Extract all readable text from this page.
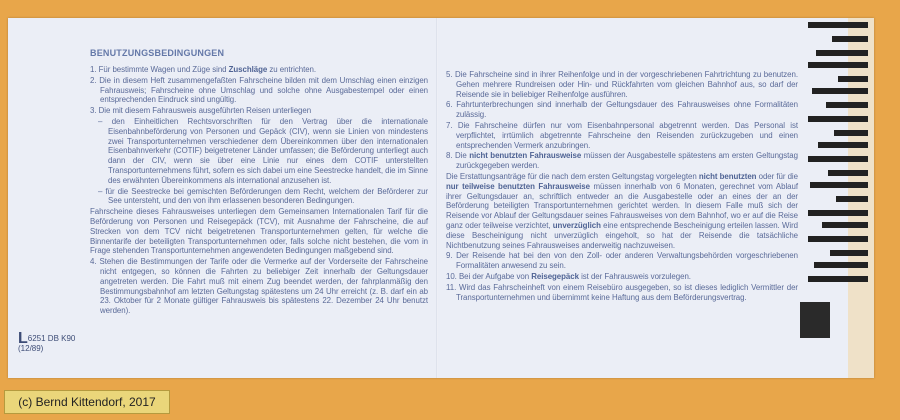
BENUTZUNGSBEDINGUNGEN

1. Für bestimmte Wagen und Züge sind Zuschläge zu entrichten.

2. Die in diesem Heft zusammengefaßten Fahrscheine bilden mit dem Umschlag einen einzigen Fahrausweis; Fahrscheine ohne Umschlag und solche ohne Ausgabestempel oder einen entsprechenden Eindruck sind ungültig.

3. Die mit diesem Fahrausweis ausgeführten Reisen unterliegen

– den Einheitlichen Rechtsvorschriften für den Vertrag über die internationale Eisenbahnbeförderung von Personen und Gepäck (CIV), wenn sie Linien von mindestens zwei Transportunternehmen verschiedener dem Übereinkommen über den internationalen Eisenbahnverkehr (COTIF) beigetretener Länder umfassen; die Beförderung unterliegt auch dann der CIV, wenn sie über eine Linie nur eines dem COTIF unterstellten Transportunternehmens führt, sofern es sich dabei um eine Seestrecke handelt, die im Sinne des erwähnten Übereinkommens als international anzusehen ist.

– für die Seestrecke bei gemischten Beförderungen dem Recht, welchem der Beförderer zur See untersteht, und den von ihm erlassenen besonderen Bedingungen.

Fahrscheine dieses Fahrausweises unterliegen dem Gemeinsamen Internationalen Tarif für die Beförderung von Personen und Reisegepäck (TCV), mit Ausnahme der Fahrscheine, die auf Strecken von dem TCV nicht beigetretenen Transportunternehmen gelten, für welche die Binnentarife der beteiligten Transportunternehmen oder, falls solche nicht bestehen, die vom in Frage stehenden Transportunternehmen angewendeten Bedingungen maßgebend sind.

4. Stehen die Bestimmungen der Tarife oder die Vermerke auf der Vorderseite der Fahrscheine nicht entgegen, so können die Fahrten zu beliebiger Zeit innerhalb der Geltungsdauer angetreten werden. Die Fahrt muß mit einem Zug beendet werden, der fahrplanmäßig den Bestimmungsbahnhof am letzten Geltungstag spätestens um 24 Uhr erreicht (z. B. darf ein ab 23. Oktober für 2 Monate gültiger Fahrausweis bis spätestens 22. Dezember 24 Uhr benutzt werden).

5. Die Fahrscheine sind in ihrer Reihenfolge und in der vorgeschriebenen Fahrtrichtung zu benutzen. Gehen mehrere Rundreisen oder Hin- und Rückfahrten vom gleichen Bahnhof aus, so darf der Reisende sie in beliebiger Reihenfolge ausführen.

6. Fahrtunterbrechungen sind innerhalb der Geltungsdauer des Fahrausweises ohne Formalitäten zulässig.

7. Die Fahrscheine dürfen nur vom Eisenbahnpersonal abgetrennt werden. Das Personal ist verpflichtet, irrtümlich abgetrennte Fahrscheine den Reisenden zurückzugeben und einen entsprechenden Vermerk anzubringen.

8. Die nicht benutzten Fahrausweise müssen der Ausgabestelle spätestens am ersten Geltungstag zurückgegeben werden.

Die Erstattungsanträge für die nach dem ersten Geltungstag vorgelegten nicht benutzten oder für die nur teilweise benutzten Fahrausweise müssen innerhalb von 6 Monaten, gerechnet vom Ablauf ihrer Geltungsdauer an, schriftlich entweder an die Ausgabestelle oder an eines der an der Beförderung beteiligten Transportunternehmen gerichtet werden. In diesem Falle muß sich der Reisende vor Ablauf der Geltungsdauer seines Fahrausweises von dem Bahnhof, wo er auf die Reise ganz oder teilweise verzichtet, unverzüglich eine entsprechende Bescheinigung erteilen lassen. Wird diese Bescheinigung nicht unverzüglich eingeholt, so hat der Reisende die tatsächliche Nichtbenutzung seines Fahrausweises anderweitig nachzuweisen.

9. Der Reisende hat bei den von den Zoll- oder anderen Verwaltungsbehörden vorgeschriebenen Formalitäten anwesend zu sein.

10. Bei der Aufgabe von Reisegepäck ist der Fahrausweis vorzulegen.

11. Wird das Fahrscheinheft von einem Reisebüro ausgegeben, so ist dieses lediglich Vermittler der Transportunternehmen und übernimmt keine Haftung aus dem Beförderungsvertrag.

L6251 DB K90
(12/89)
(c) Bernd Kittendorf, 2017
